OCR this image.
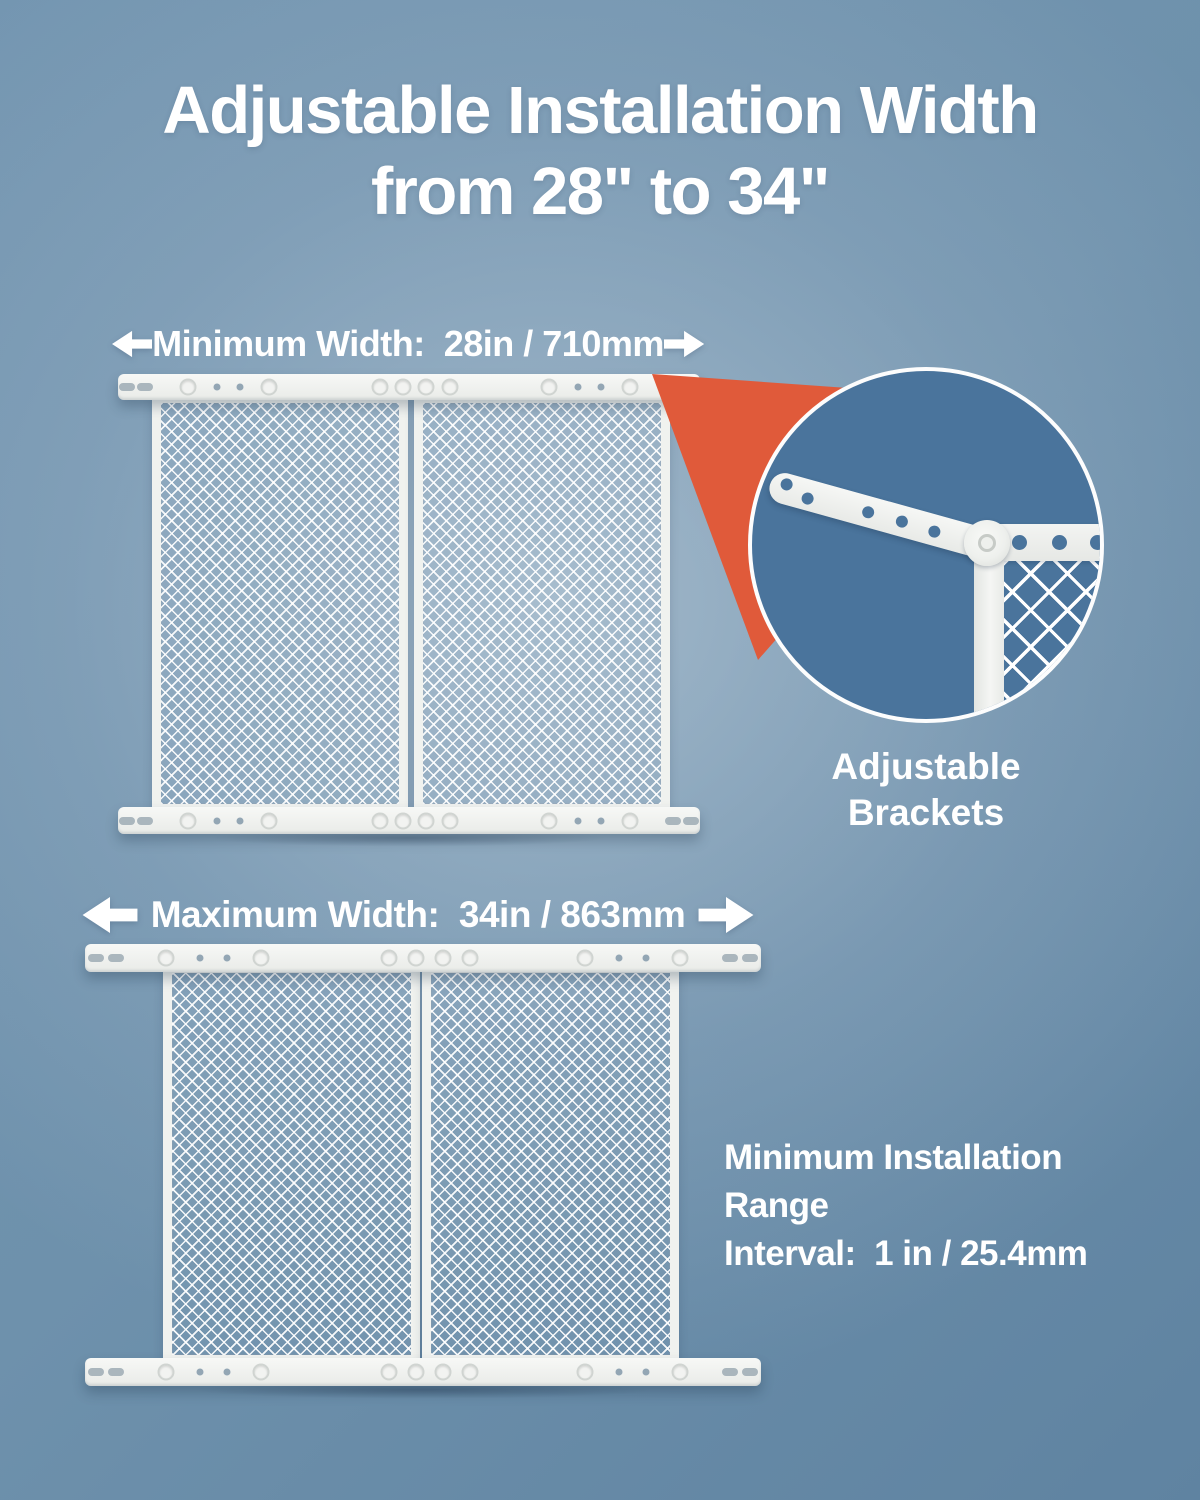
Adjustable Installation Width
from 28" to 34"
Minimum Width:  28in / 710mm
Maximum Width:  34in / 863mm
Adjustable
Brackets
Minimum Installation Range
Interval:  1 in / 25.4mm
